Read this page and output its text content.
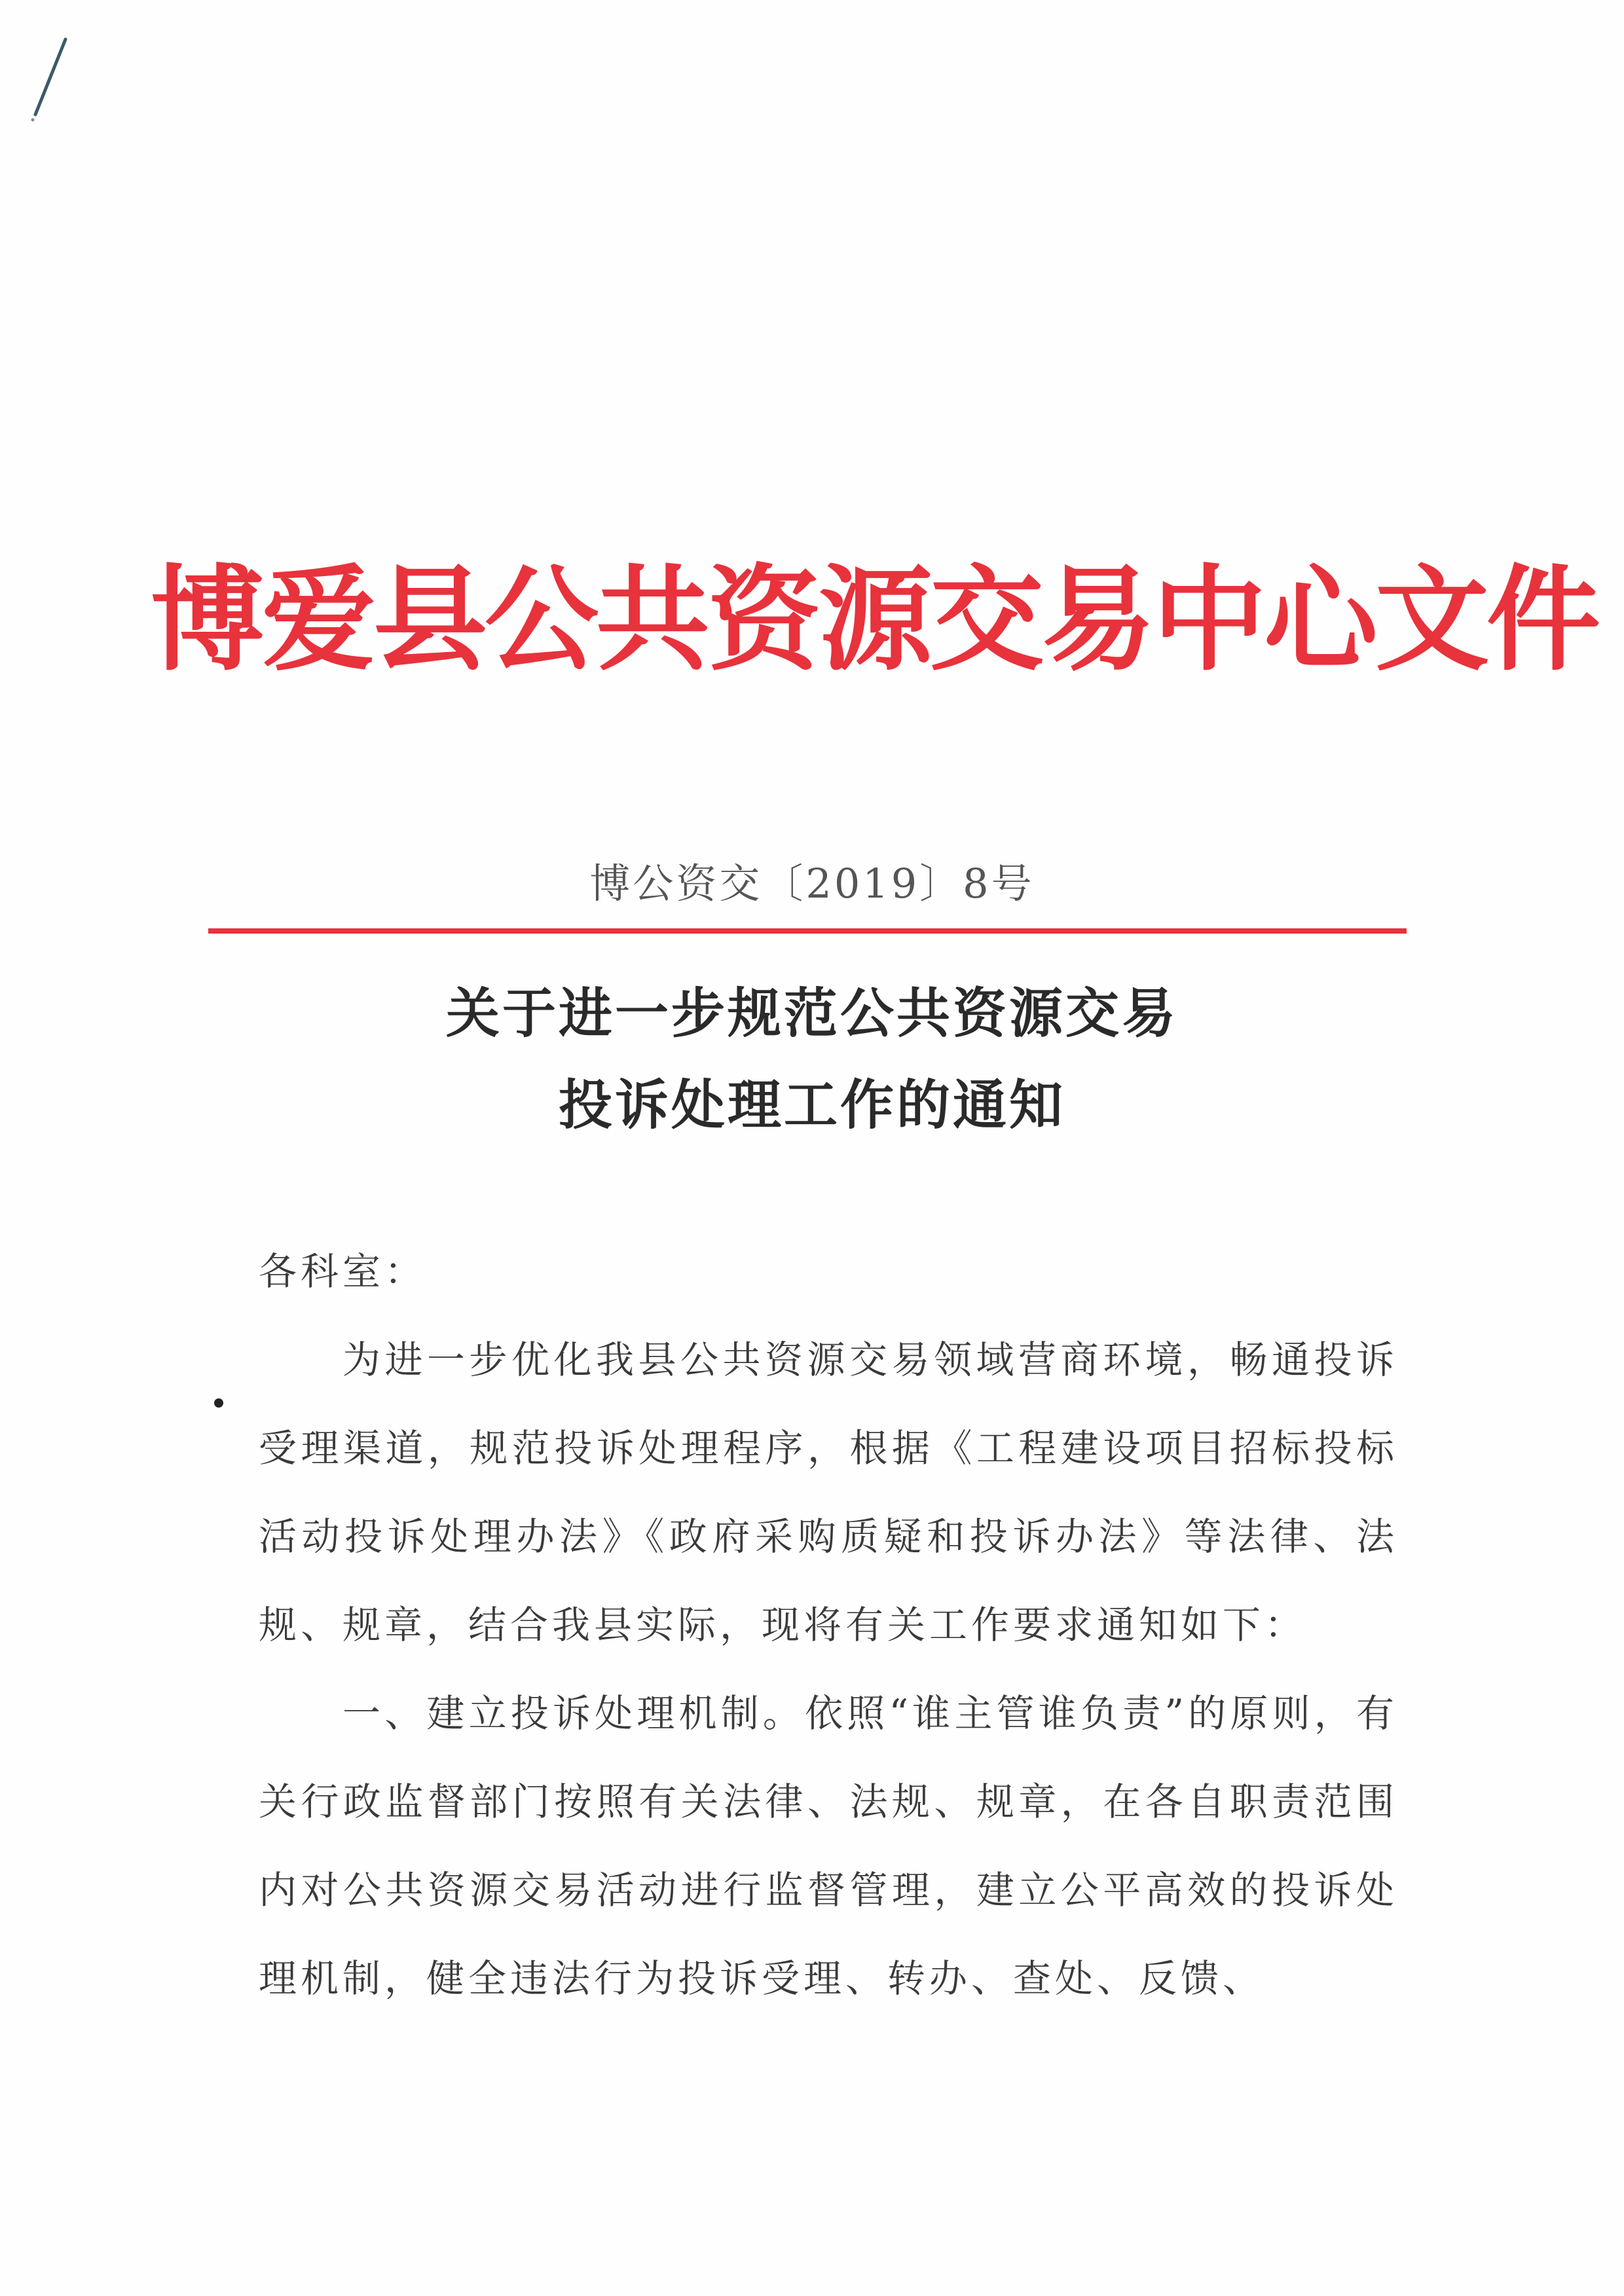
博爱县公共资源交易中心文件
博公资交〔2019〕8号
关于进一步规范公共资源交易
投诉处理工作的通知

各科室：

为进一步优化我县公共资源交易领域营商环境，畅通投诉受理渠道，规范投诉处理程序，根据《工程建设项目招标投标活动投诉处理办法》《政府采购质疑和投诉办法》等法律、法规、规章，结合我县实际，现将有关工作要求通知如下：

一、建立投诉处理机制。依照“谁主管谁负责”的原则，有关行政监督部门按照有关法律、法规、规章，在各自职责范围内对公共资源交易活动进行监督管理，建立公平高效的投诉处理机制，健全违法行为投诉受理、转办、查处、反馈、
